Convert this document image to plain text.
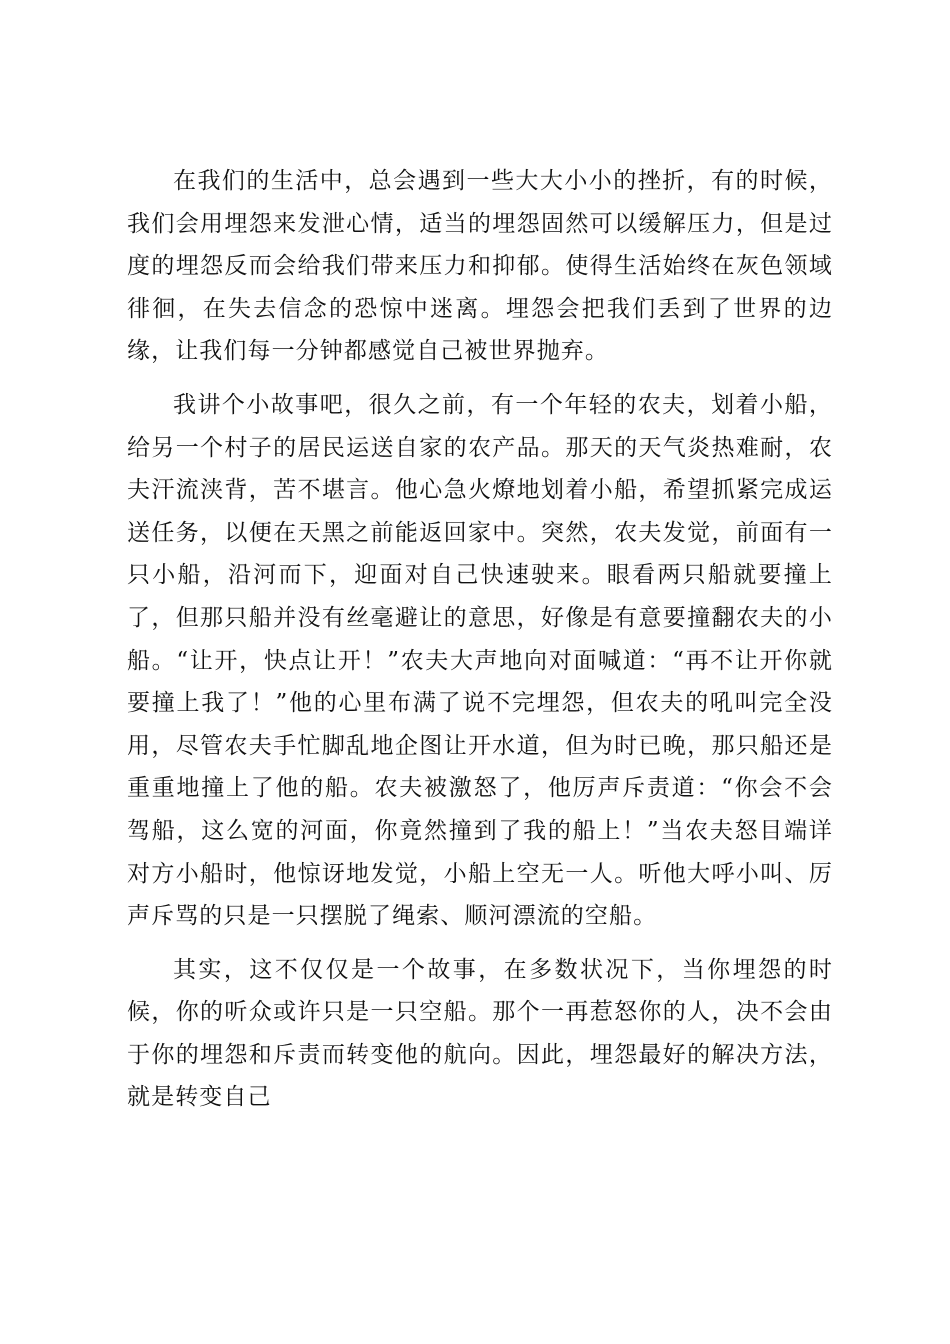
在我们的生活中，总会遇到一些大大小小的挫折，有的时候，我们会用埋怨来发泄心情，适当的埋怨固然可以缓解压力，但是过度的埋怨反而会给我们带来压力和抑郁。使得生活始终在灰色领域徘徊，在失去信念的恐惊中迷离。埋怨会把我们丢到了世界的边缘，让我们每一分钟都感觉自己被世界抛弃。

我讲个小故事吧，很久之前，有一个年轻的农夫，划着小船，给另一个村子的居民运送自家的农产品。那天的天气炎热难耐，农夫汗流浃背，苦不堪言。他心急火燎地划着小船，希望抓紧完成运送任务，以便在天黑之前能返回家中。突然，农夫发觉，前面有一只小船，沿河而下，迎面对自己快速驶来。眼看两只船就要撞上了，但那只船并没有丝毫避让的意思，好像是有意要撞翻农夫的小船。“让开，快点让开！”农夫大声地向对面喊道：“再不让开你就要撞上我了！”他的心里布满了说不完埋怨，但农夫的吼叫完全没用，尽管农夫手忙脚乱地企图让开水道，但为时已晚，那只船还是重重地撞上了他的船。农夫被激怒了，他厉声斥责道：“你会不会驾船，这么宽的河面，你竟然撞到了我的船上！”当农夫怒目端详对方小船时，他惊讶地发觉，小船上空无一人。听他大呼小叫、厉声斥骂的只是一只摆脱了绳索、顺河漂流的空船。

其实，这不仅仅是一个故事，在多数状况下，当你埋怨的时候，你的听众或许只是一只空船。那个一再惹怒你的人，决不会由于你的埋怨和斥责而转变他的航向。因此，埋怨最好的解决方法，就是转变自己
